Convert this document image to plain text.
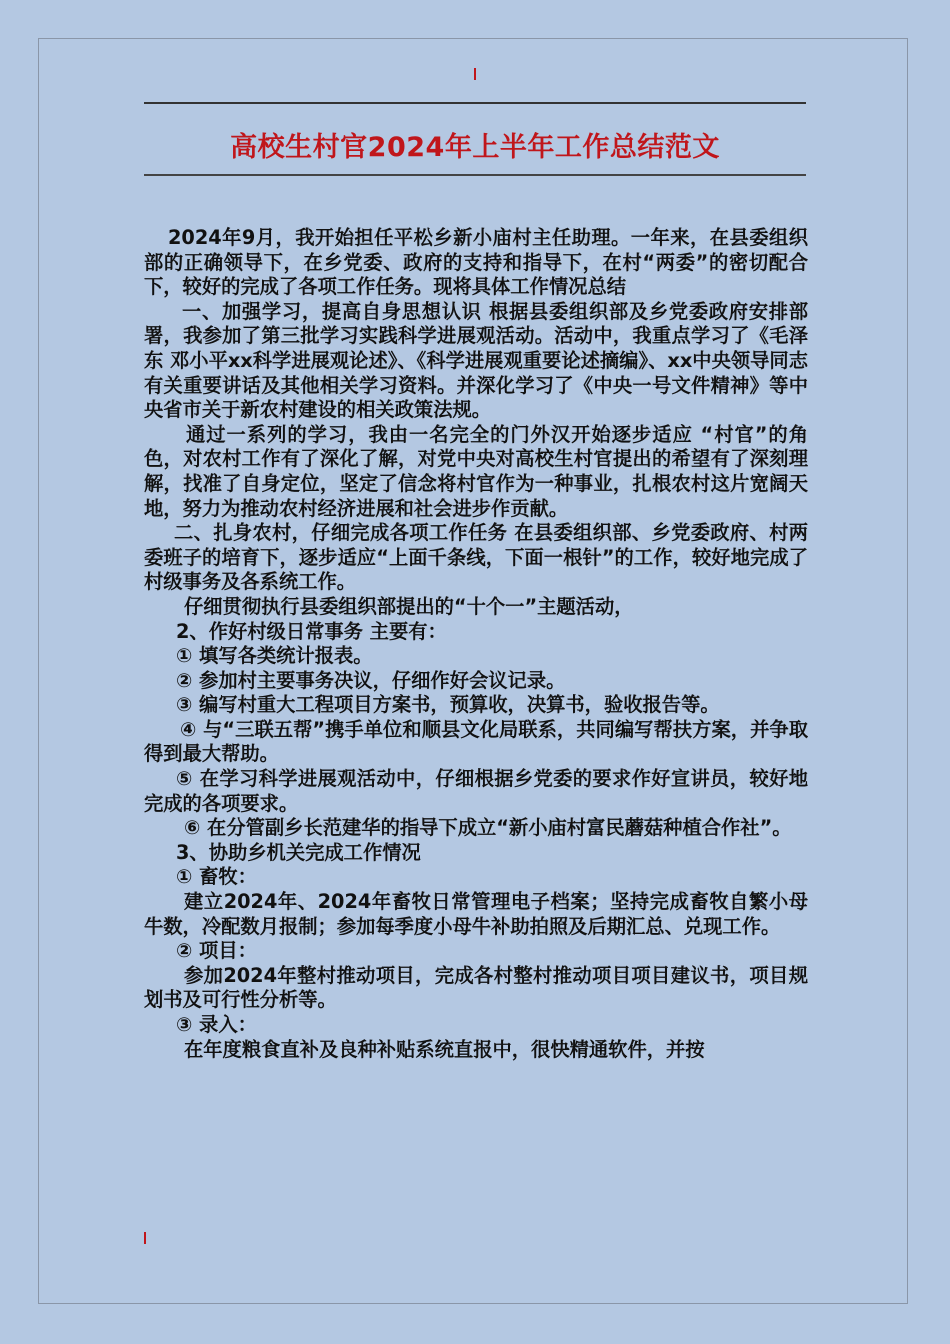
高校生村官2024年上半年工作总结范文

2024年9月，我开始担任平松乡新小庙村主任助理。一年来，在县委组织部的正确领导下，在乡党委、政府的支持和指导下，在村“两委”的密切配合下，较好的完成了各项工作任务。现将具体工作情况总结

一、加强学习，提高自身思想认识 根据县委组织部及乡党委政府安排部署，我参加了第三批学习实践科学进展观活动。活动中，我重点学习了《毛泽东 邓小平xx科学进展观论述》、《科学进展观重要论述摘编》、xx中央领导同志有关重要讲话及其他相关学习资料。并深化学习了《中央一号文件精神》等中央省市关于新农村建设的相关政策法规。

通过一系列的学习，我由一名完全的门外汉开始逐步适应 “村官”的角色，对农村工作有了深化了解，对党中央对高校生村官提出的希望有了深刻理解，找准了自身定位，坚定了信念将村官作为一种事业，扎根农村这片宽阔天地，努力为推动农村经济进展和社会进步作贡献。

二、扎身农村，仔细完成各项工作任务 在县委组织部、乡党委政府、村两委班子的培育下，逐步适应“上面千条线，下面一根针”的工作，较好地完成了村级事务及各系统工作。

仔细贯彻执行县委组织部提出的“十个一”主题活动，

2、作好村级日常事务 主要有：

① 填写各类统计报表。

② 参加村主要事务决议，仔细作好会议记录。

③ 编写村重大工程项目方案书，预算收，决算书，验收报告等。

④ 与“三联五帮”携手单位和顺县文化局联系，共同编写帮扶方案，并争取得到最大帮助。

⑤ 在学习科学进展观活动中，仔细根据乡党委的要求作好宣讲员，较好地完成的各项要求。

⑥ 在分管副乡长范建华的指导下成立“新小庙村富民蘑菇种植合作社”。

3、协助乡机关完成工作情况

① 畜牧：

建立2024年、2024年畜牧日常管理电子档案；坚持完成畜牧自繁小母牛数，冷配数月报制；参加每季度小母牛补助拍照及后期汇总、兑现工作。

② 项目：

参加2024年整村推动项目，完成各村整村推动项目项目建议书，项目规划书及可行性分析等。

③ 录入：

在年度粮食直补及良种补贴系统直报中，很快精通软件，并按
